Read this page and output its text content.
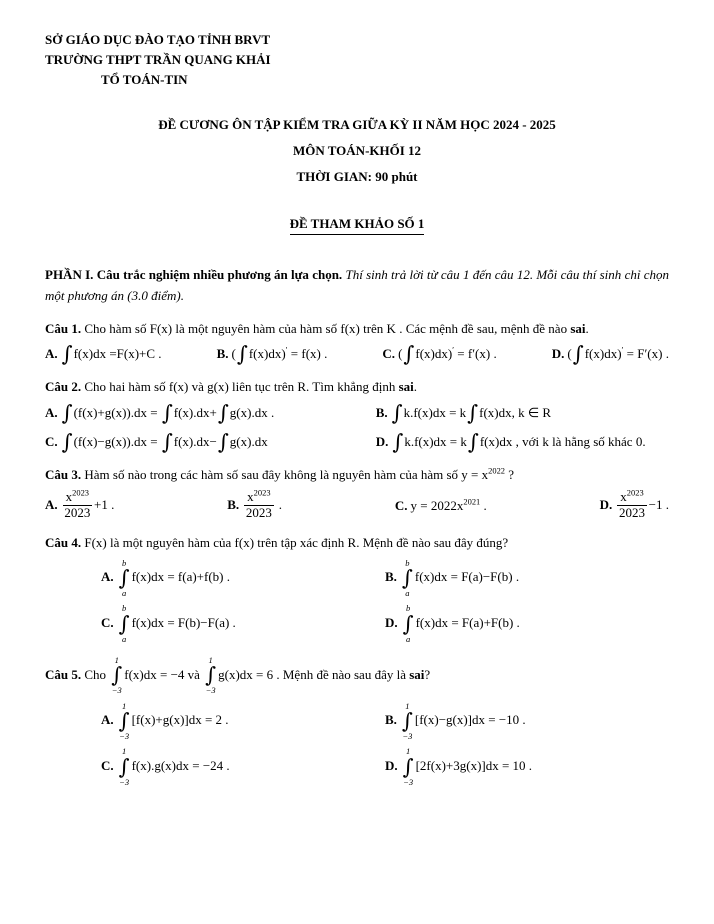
SỞ GIÁO DỤC ĐÀO TẠO TỈNH BRVT
TRƯỜNG THPT TRẦN QUANG KHẢI
TỔ TOÁN-TIN
ĐỀ CƯƠNG ÔN TẬP KIỂM TRA GIỮA KỲ II NĂM HỌC 2024 - 2025
MÔN TOÁN-KHỐI 12
THỜI GIAN: 90 phút
ĐỀ THAM KHẢO SỐ 1

PHẦN I. Câu trắc nghiệm nhiều phương án lựa chọn. Thí sinh trả lời từ câu 1 đến câu 12. Mỗi câu thí sinh chỉ chọn một phương án (3.0 điểm).

Câu 1. Cho hàm số F(x) là một nguyên hàm của hàm số f(x) trên K . Các mệnh đề sau, mệnh đề nào sai.
A. ∫f(x)dx =F(x)+C .	B. (∫f(x)dx)′ = f(x) .	C. (∫f(x)dx)′ = f′(x) .	D. (∫f(x)dx)′ = F′(x) .
Câu 2. Cho hai hàm số f(x) và g(x) liên tục trên R. Tìm khẳng định sai.
A. ∫(f(x)+g(x)).dx = ∫f(x).dx+∫g(x).dx .	B. ∫k.f(x)dx = k∫f(x)dx, k ∈ R
C. ∫(f(x)−g(x)).dx = ∫f(x).dx−∫g(x).dx	D. ∫k.f(x)dx = k∫f(x)dx , với k là hằng số khác 0.
Câu 3. Hàm số nào trong các hàm số sau đây không là nguyên hàm của hàm số $y = x^{2022}$ ?
A. $\frac{x^{2023}}{2023} +1$ .	B. $\frac{x^{2023}}{2023}$ .	C. $y = 2022x^{2021}$ .	D. $\frac{x^{2023}}{2023} -1$ .
Câu 4. F(x) là một nguyên hàm của f(x) trên tập xác định R. Mệnh đề nào sau đây đúng?
A.
b
∫
a
f(x)dx = f(a)+f(b) .	B.
b
∫
a
f(x)dx = F(a)−F(b) .
C.
b
∫
a
f(x)dx = F(b)−F(a) .	D.
b
∫
a
f(x)dx = F(a)+F(b) .
Câu 5. Cho
1
∫
−3
f(x)dx = −4 và
1
∫
−3
g(x)dx = 6 . Mệnh đề nào sau đây là sai?
A.
1
∫
−3
[f(x)+g(x)]dx = 2 .	B.
1
∫
−3
[f(x)−g(x)]dx = −10 .
C.
1
∫
−3
f(x).g(x)dx = −24 .	D.
1
∫
−3
[2f(x)+3g(x)]dx = 10 .
